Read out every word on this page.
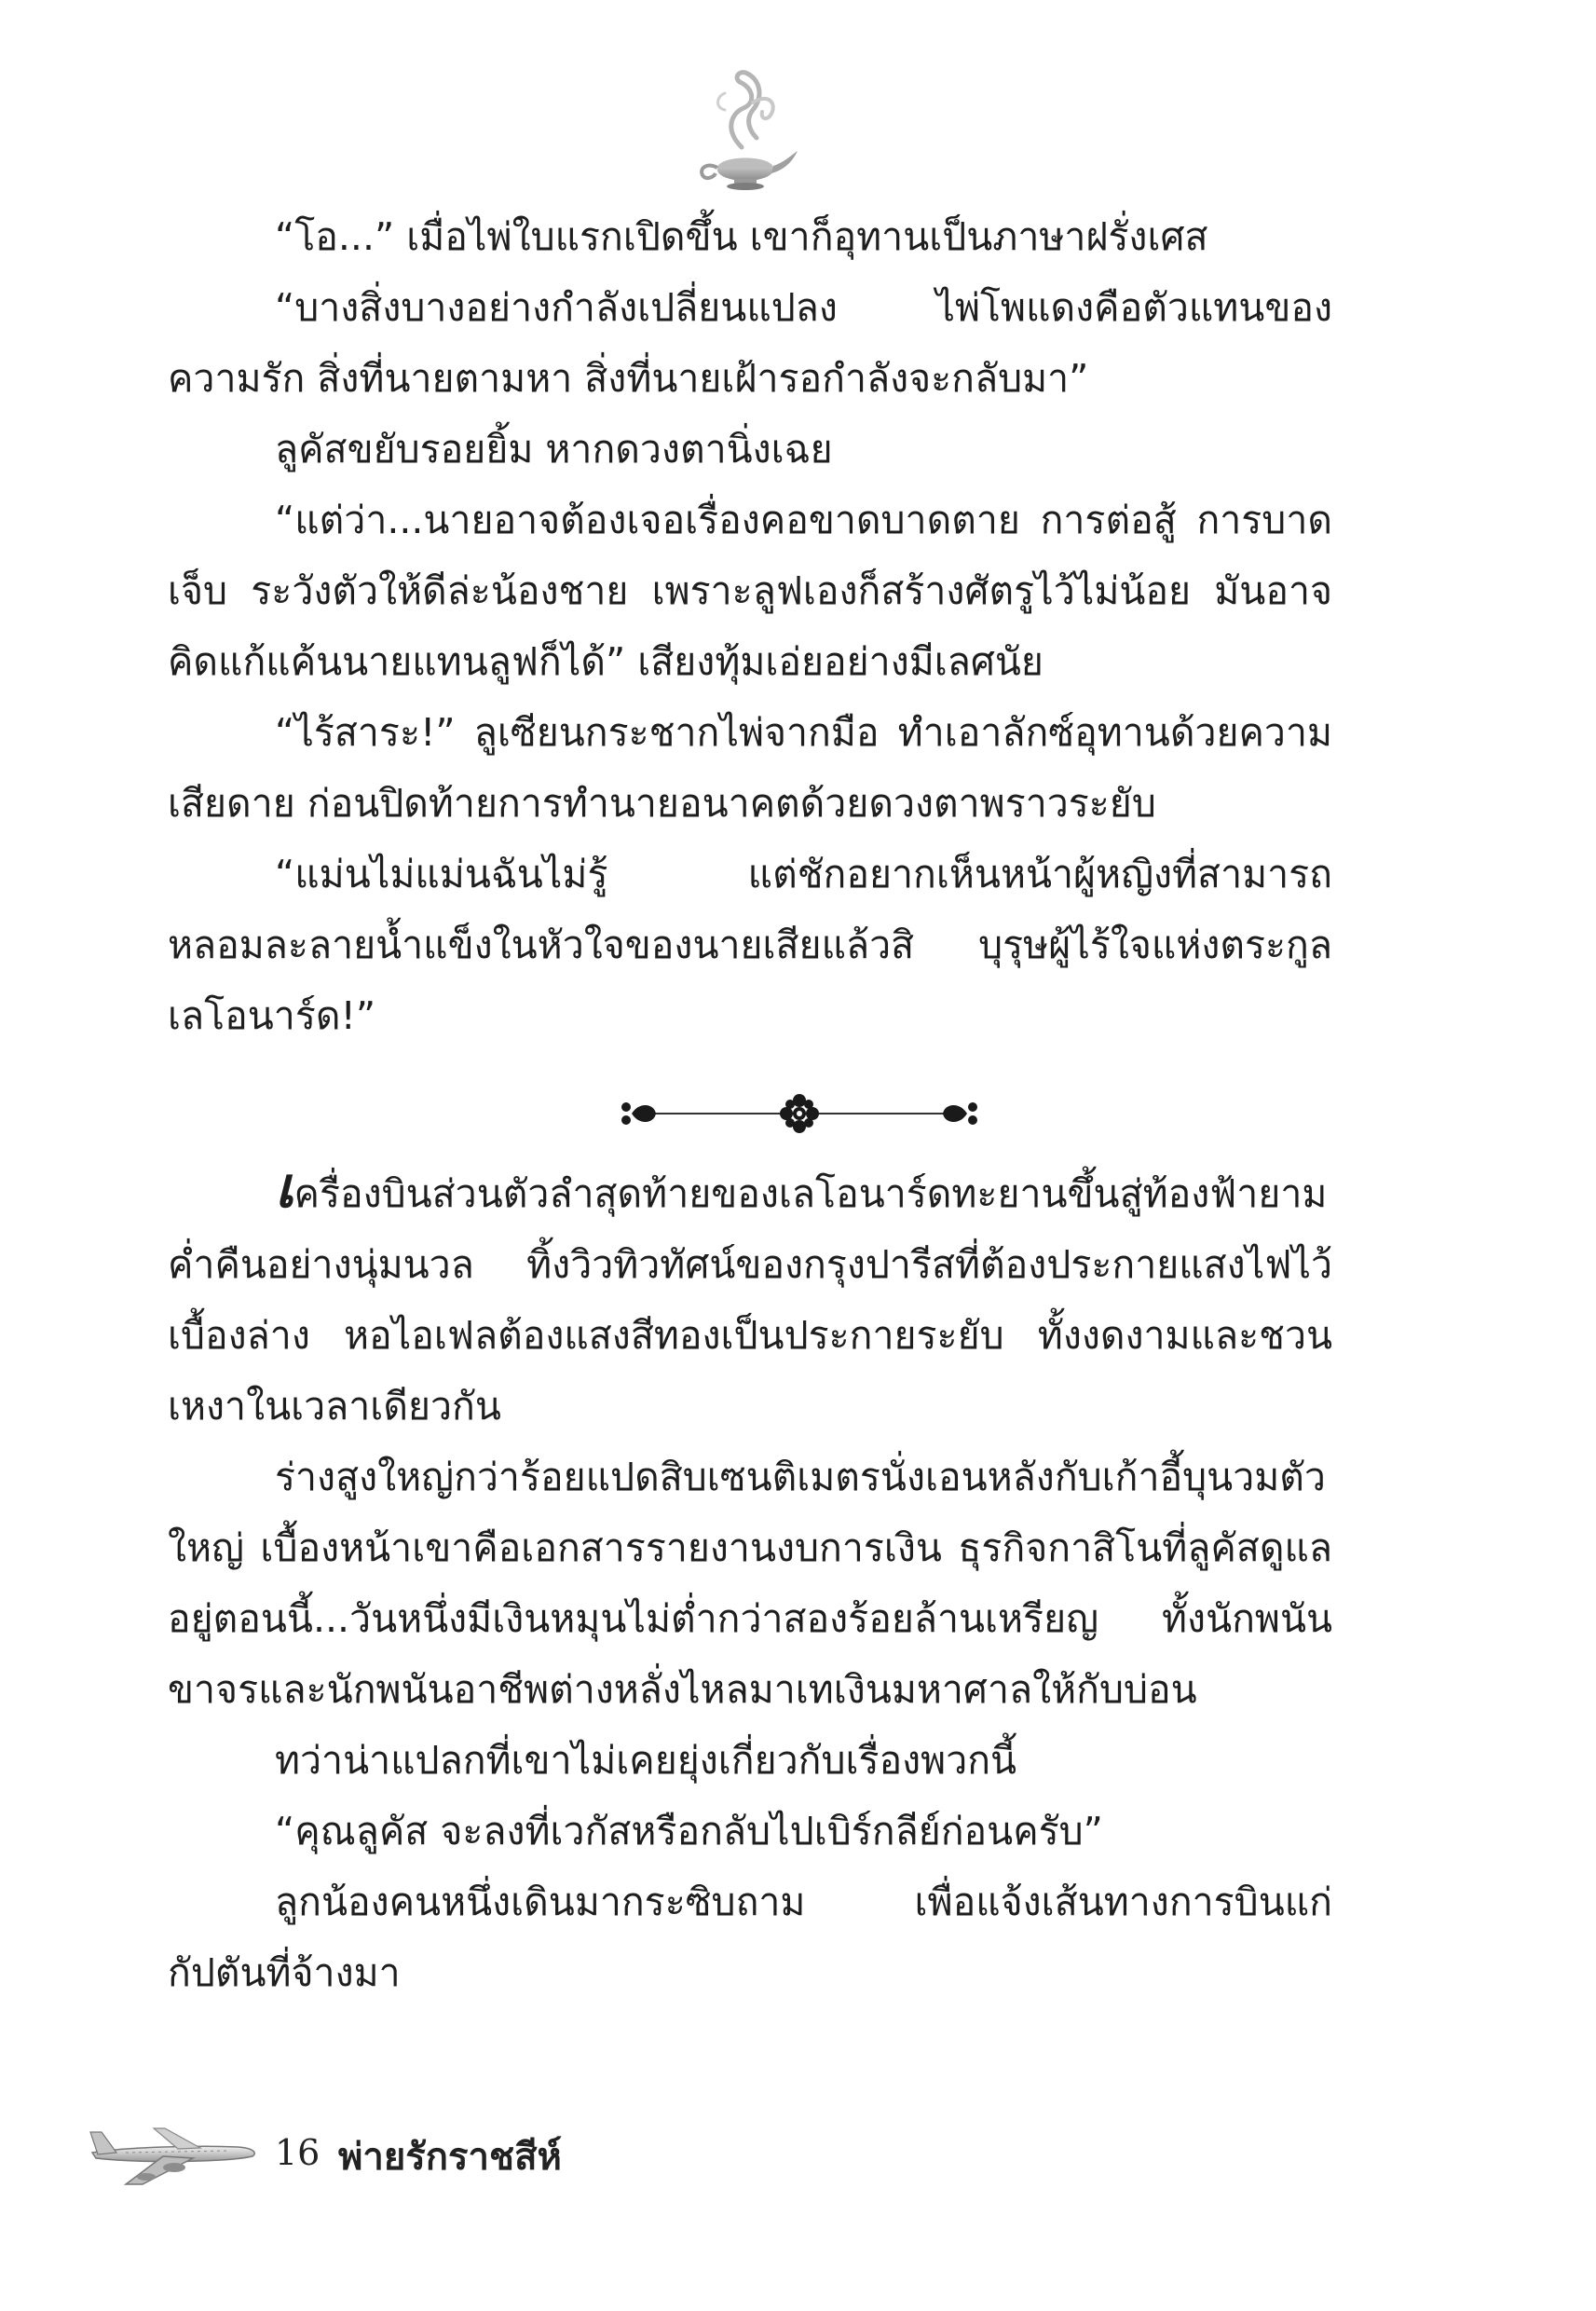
“โอ...” เมื่อไพ่ใบแรกเปิดขึ้น เขาก็อุทานเป็นภาษาฝรั่งเศส

“บางสิ่งบางอย่างกำลังเปลี่ยนแปลง ไพ่โพแดงคือตัวแทนของความรัก สิ่งที่นายตามหา สิ่งที่นายเฝ้ารอกำลังจะกลับมา”

ลูคัสขยับรอยยิ้ม หากดวงตานิ่งเฉย

“แต่ว่า...นายอาจต้องเจอเรื่องคอขาดบาดตาย การต่อสู้ การบาดเจ็บ ระวังตัวให้ดีล่ะน้องชาย เพราะลูฟเองก็สร้างศัตรูไว้ไม่น้อย มันอาจคิดแก้แค้นนายแทนลูฟก็ได้” เสียงทุ้มเอ่ยอย่างมีเลศนัย

“ไร้สาระ!” ลูเซียนกระชากไพ่จากมือ ทำเอาลักซ์อุทานด้วยความเสียดาย ก่อนปิดท้ายการทำนายอนาคตด้วยดวงตาพราวระยับ

“แม่นไม่แม่นฉันไม่รู้ แต่ชักอยากเห็นหน้าผู้หญิงที่สามารถหลอมละลายน้ำแข็งในหัวใจของนายเสียแล้วสิ บุรุษผู้ไร้ใจแห่งตระกูลเลโอนาร์ด!”

เครื่องบินส่วนตัวลำสุดท้ายของเลโอนาร์ดทะยานขึ้นสู่ท้องฟ้ายามค่ำคืนอย่างนุ่มนวล ทิ้งวิวทิวทัศน์ของกรุงปารีสที่ต้องประกายแสงไฟไว้เบื้องล่าง หอไอเฟลต้องแสงสีทองเป็นประกายระยับ ทั้งงดงามและชวนเหงาในเวลาเดียวกัน

ร่างสูงใหญ่กว่าร้อยแปดสิบเซนติเมตรนั่งเอนหลังกับเก้าอี้บุนวมตัวใหญ่ เบื้องหน้าเขาคือเอกสารรายงานงบการเงิน ธุรกิจกาสิโนที่ลูคัสดูแลอยู่ตอนนี้...วันหนึ่งมีเงินหมุนไม่ต่ำกว่าสองร้อยล้านเหรียญ ทั้งนักพนันขาจรและนักพนันอาชีพต่างหลั่งไหลมาเทเงินมหาศาลให้กับบ่อน

ทว่าน่าแปลกที่เขาไม่เคยยุ่งเกี่ยวกับเรื่องพวกนี้

“คุณลูคัส จะลงที่เวกัสหรือกลับไปเบิร์กลีย์ก่อนครับ”

ลูกน้องคนหนึ่งเดินมากระซิบถาม เพื่อแจ้งเส้นทางการบินแก่กัปตันที่จ้างมา

16 พ่ายรักราชสีห์
